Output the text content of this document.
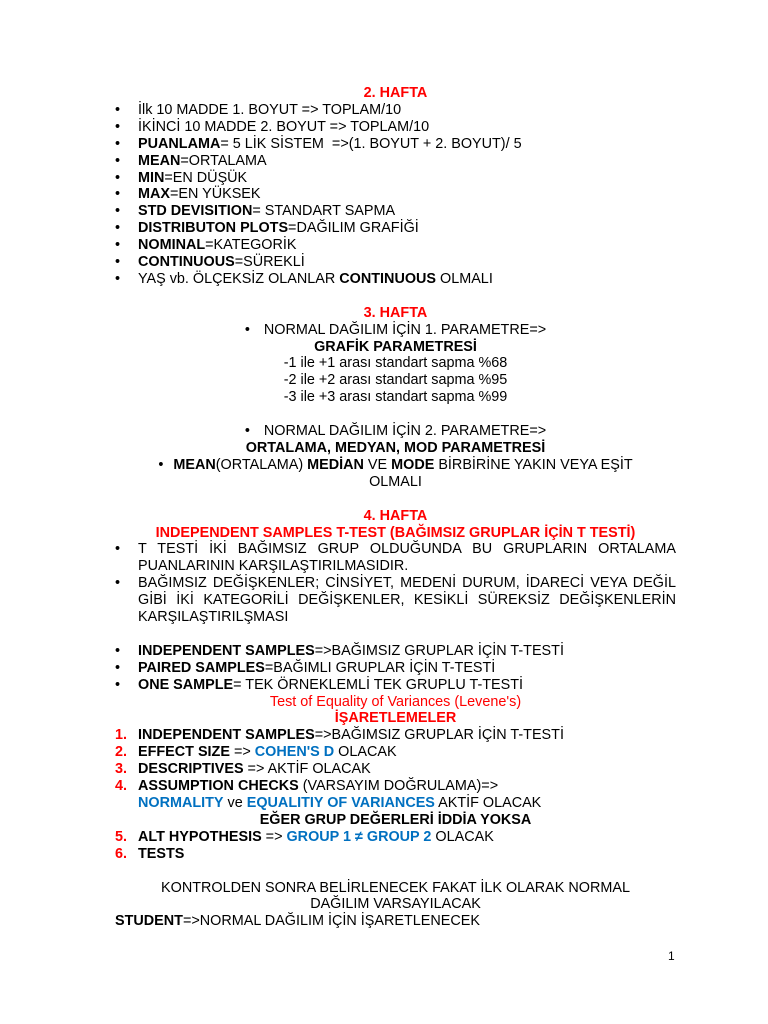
2. HAFTA
• İlk 10 MADDE 1. BOYUT => TOPLAM/10
• İKİNCİ 10 MADDE 2. BOYUT => TOPLAM/10
• PUANLAMA= 5 LİK SİSTEM  =>(1. BOYUT + 2. BOYUT)/ 5
• MEAN=ORTALAMA
• MIN=EN DÜŞÜK
• MAX=EN YÜKSEK
• STD DEVISITION= STANDART SAPMA
• DISTRIBUTON PLOTS=DAĞILIM GRAFİĞİ
• NOMINAL=KATEGORİK
• CONTINUOUS=SÜREKLİ
• YAŞ vb. ÖLÇEKSİZ OLANLAR CONTINUOUS OLMALI
3. HAFTA
• NORMAL DAĞILIM İÇİN 1. PARAMETRE=>
GRAFİK PARAMETRESİ
-1 ile +1 arası standart sapma %68
-2 ile +2 arası standart sapma %95
-3 ile +3 arası standart sapma %99
• NORMAL DAĞILIM İÇİN 2. PARAMETRE=>
ORTALAMA, MEDYAN, MOD PARAMETRESİ
• MEAN(ORTALAMA) MEDİAN VE MODE BİRBİRİNE YAKIN VEYA EŞİT
OLMALI
4. HAFTA
INDEPENDENT SAMPLES T-TEST (BAĞIMSIZ GRUPLAR İÇİN T TESTİ)
• T TESTİ İKİ BAĞIMSIZ GRUP OLDUĞUNDA BU GRUPLARIN ORTALAMA PUANLARININ KARŞILAŞTIRILMASIDIR.
• BAĞIMSIZ DEĞİŞKENLER; CİNSİYET, MEDENİ DURUM, İDARECİ VEYA DEĞİL GİBİ İKİ KATEGORİLİ DEĞİŞKENLER, KESİKLİ SÜREKSİZ DEĞİŞKENLERİN KARŞILAŞTIRILŞMASI
• INDEPENDENT SAMPLES=>BAĞIMSIZ GRUPLAR İÇİN T-TESTİ
• PAIRED SAMPLES=BAĞIMLI GRUPLAR İÇİN T-TESTİ
• ONE SAMPLE= TEK ÖRNEKLEMLİ TEK GRUPLU T-TESTİ
Test of Equality of Variances (Levene's)
İŞARETLEMELER
1. INDEPENDENT SAMPLES=>BAĞIMSIZ GRUPLAR İÇİN T-TESTİ
2. EFFECT SIZE => COHEN'S D OLACAK
3. DESCRIPTIVES => AKTİF OLACAK
4. ASSUMPTION CHECKS (VARSAYIM DOĞRULAMA)=>
NORMALITY ve EQUALITIY OF VARIANCES AKTİF OLACAK
EĞER GRUP DEĞERLERİ İDDİA YOKSA
5. ALT HYPOTHESIS => GROUP 1 ≠ GROUP 2 OLACAK
6. TESTS
KONTROLDEN SONRA BELİRLENECEK FAKAT İLK OLARAK NORMAL DAĞILIM VARSAYILACAK
STUDENT=>NORMAL DAĞILIM İÇİN İŞARETLENECEK
1
